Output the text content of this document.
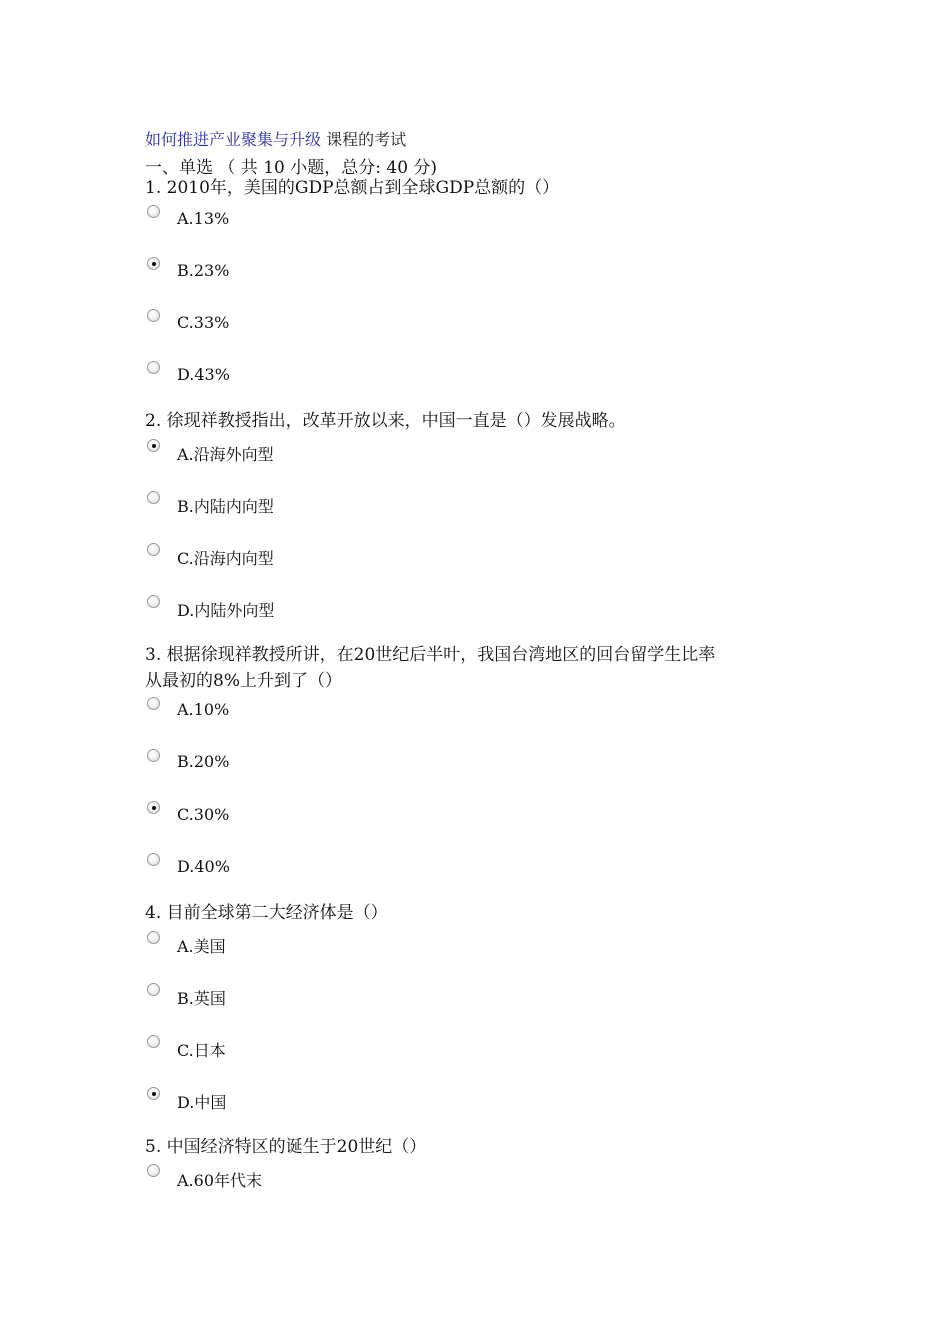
如何推进产业聚集与升级 课程的考试
一、单选 （ 共 10 小题，总分: 40 分)
1. 2010年，美国的GDP总额占到全球GDP总额的（）
A.13%
B.23%
C.33%
D.43%
2. 徐现祥教授指出，改革开放以来，中国一直是（）发展战略。
A.沿海外向型
B.内陆内向型
C.沿海内向型
D.内陆外向型
3. 根据徐现祥教授所讲，在20世纪后半叶，我国台湾地区的回台留学生比率
从最初的8%上升到了（）
A.10%
B.20%
C.30%
D.40%
4. 目前全球第二大经济体是（）
A.美国
B.英国
C.日本
D.中国
5. 中国经济特区的诞生于20世纪（）
A.60年代末
